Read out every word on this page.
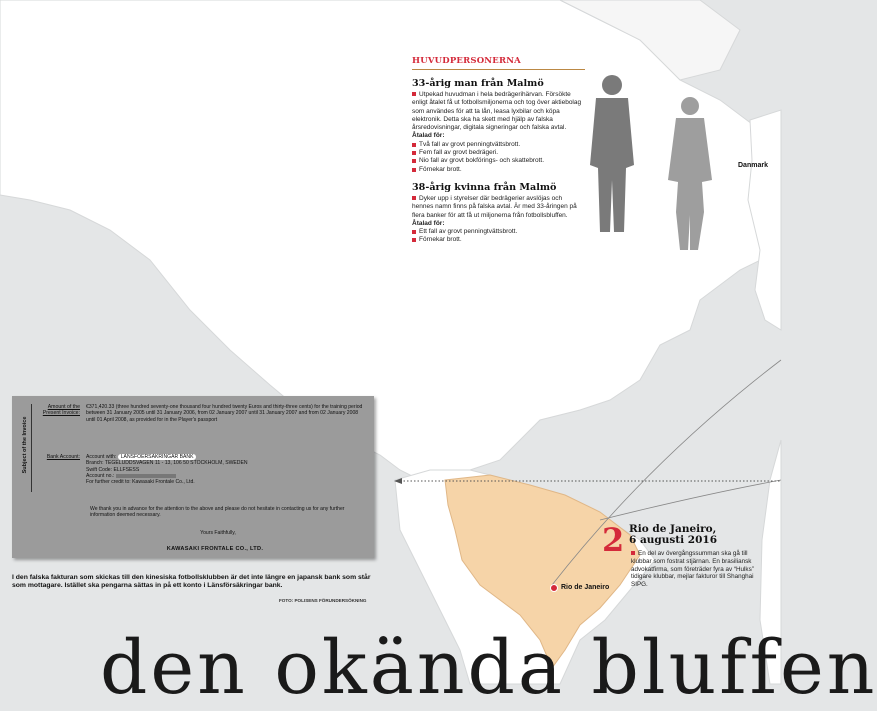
Danmark
HUVUDPERSONERNA
33-årig man från Malmö
Utpekad huvudman i hela bedrägerihärvan. Försökte enligt åtalet få ut fotbollsmiljonerna och tog över aktiebolag som användes för att ta lån, leasa lyxbilar och köpa elektronik. Detta ska ha skett med hjälp av falska årsredovisningar, digitala signeringar och falska avtal.
Åtalad för:
Två fall av grovt penningtvättsbrott.
Fem fall av grovt bedrägeri.
Nio fall av grovt bokförings- och skattebrott.
Förnekar brott.
38-årig kvinna från Malmö
Dyker upp i styrelser där bedrägerier avslöjas och hennes namn finns på falska avtal. Är med 33-åringen på flera banker för att få ut miljonerna från fotbollsbluffen.
Åtalad för:
Ett fall av grovt penningtvättsbrott.
Förnekar brott.
Subject of the Invoice
Amount of the Present Invoice:
€371,420.33 (three hundred seventy-one thousand four hundred twenty Euros and thirty-three cents) for the training period between 31 January 2005 until 31 January 2006, from 02 January 2007 until 31 January 2007 and from 02 January 2008 until 01 April 2008, as provided for in the Player's passport
Bank Account: Account with: LANSFOERSAKRINGAR BANK
Branch: TEGELUDDSVAGEN 11 - 13, 106 50 STOCKHOLM, SWEDEN
Swift Code: ELLFSESS
Account no.:
For further credit to: Kawasaki Frontale Co., Ltd.
We thank you in advance for the attention to the above and please do not hesitate in contacting us for any further information deemed necessary.
Yours Faithfully,
KAWASAKI FRONTALE CO., LTD.
I den falska fakturan som skickas till den kinesiska fotbollsklubben är det inte längre en japansk bank som står som mottagare. Istället ska pengarna sättas in på ett konto i Länsförsäkringar bank.
FOTO: POLISENS FÖRUNDERSÖKNING
Rio de Janeiro
2 Rio de Janeiro,
6 augusti 2016
En del av övergångssumman ska gå till klubbar som fostrat stjärnan. En brasiliansk advokatfirma, som företräder fyra av “Hulks” tidigare klubbar, mejlar fakturor till Shanghai SIPG.
den okända bluffen
